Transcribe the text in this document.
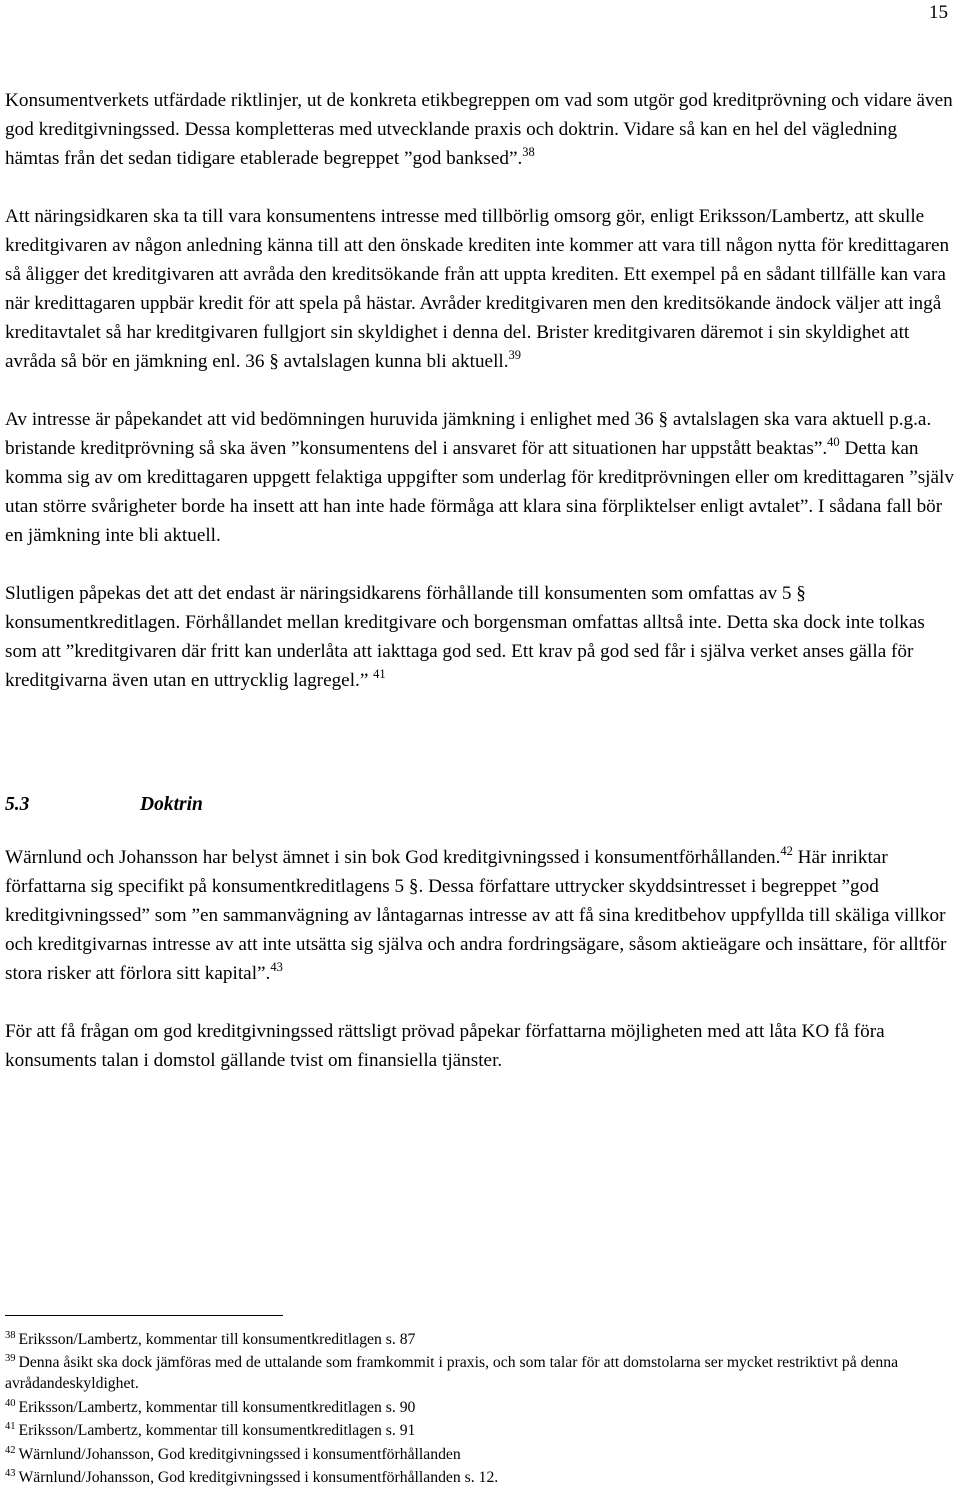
15

Konsumentverkets utfärdade riktlinjer, ut de konkreta etikbegreppen om vad som utgör god kreditprövning och vidare även god kreditgivningssed. Dessa kompletteras med utvecklande praxis och doktrin. Vidare så kan en hel del vägledning hämtas från det sedan tidigare etablerade begreppet ”god banksed”.$^{38}$

Att näringsidkaren ska ta till vara konsumentens intresse med tillbörlig omsorg gör, enligt Eriksson/Lambertz, att skulle kreditgivaren av någon anledning känna till att den önskade krediten inte kommer att vara till någon nytta för kredittagaren så åligger det kreditgivaren att avråda den kreditsökande från att uppta krediten. Ett exempel på en sådant tillfälle kan vara när kredittagaren uppbär kredit för att spela på hästar. Avråder kreditgivaren men den kreditsökande ändock väljer att ingå kreditavtalet så har kreditgivaren fullgjort sin skyldighet i denna del. Brister kreditgivaren däremot i sin skyldighet att avråda så bör en jämkning enl. 36 § avtalslagen kunna bli aktuell.$^{39}$

Av intresse är påpekandet att vid bedömningen huruvida jämkning i enlighet med 36 § avtalslagen ska vara aktuell p.g.a. bristande kreditprövning så ska även ”konsumentens del i ansvaret för att situationen har uppstått beaktas”.$^{40}$ Detta kan komma sig av om kredittagaren uppgett felaktiga uppgifter som underlag för kreditprövningen eller om kredittagaren ”själv utan större svårigheter borde ha insett att han inte hade förmåga att klara sina förpliktelser enligt avtalet”. I sådana fall bör en jämkning inte bli aktuell.

Slutligen påpekas det att det endast är näringsidkarens förhållande till konsumenten som omfattas av 5 § konsumentkreditlagen. Förhållandet mellan kreditgivare och borgensman omfattas alltså inte. Detta ska dock inte tolkas som att ”kreditgivaren där fritt kan underlåta att iakttaga god sed. Ett krav på god sed får i själva verket anses gälla för kreditgivarna även utan en uttrycklig lagregel.” $^{41}$

5.3	Doktrin

Wärnlund och Johansson har belyst ämnet i sin bok God kreditgivningssed i konsumentförhållanden.$^{42}$ Här inriktar författarna sig specifikt på konsumentkreditlagens 5 §. Dessa författare uttrycker skyddsintresset i begreppet ”god kreditgivningssed” som ”en sammanvägning av låntagarnas intresse av att få sina kreditbehov uppfyllda till skäliga villkor och kreditgivarnas intresse av att inte utsätta sig själva och andra fordringsägare, såsom aktieägare och insättare, för alltför stora risker att förlora sitt kapital”.$^{43}$

För att få frågan om god kreditgivningssed rättsligt prövad påpekar författarna möjligheten med att låta KO få föra konsuments talan i domstol gällande tvist om finansiella tjänster.

$^{38}$ Eriksson/Lambertz, kommentar till konsumentkreditlagen s. 87

$^{39}$ Denna åsikt ska dock jämföras med de uttalande som framkommit i praxis, och som talar för att domstolarna ser mycket restriktivt på denna avrådandeskyldighet.

$^{40}$ Eriksson/Lambertz, kommentar till konsumentkreditlagen s. 90

$^{41}$ Eriksson/Lambertz, kommentar till konsumentkreditlagen s. 91

$^{42}$ Wärnlund/Johansson, God kreditgivningssed i konsumentförhållanden

$^{43}$ Wärnlund/Johansson, God kreditgivningssed i konsumentförhållanden s. 12.
